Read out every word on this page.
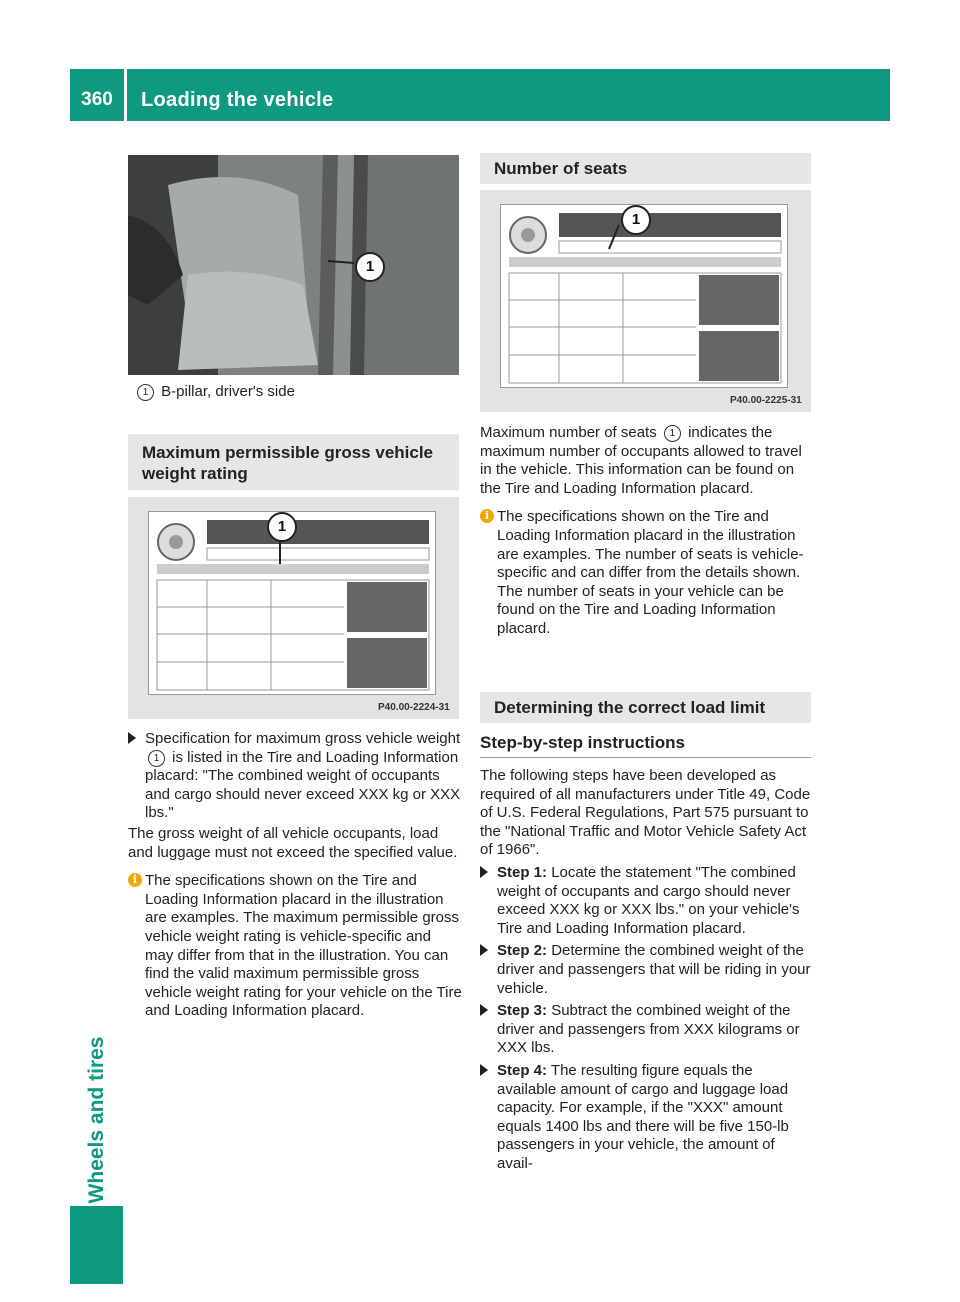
360	Loading the vehicle
Wheels and tires
1
1 B-pillar, driver's side
Maximum permissible gross vehicle weight rating
1
P40.00-2224-31
Specification for maximum gross vehicle weight 1 is listed in the Tire and Loading Information placard: "The combined weight of occupants and cargo should never exceed XXX kg or XXX lbs."

The gross weight of all vehicle occupants, load and luggage must not exceed the specified value.

i The specifications shown on the Tire and Loading Information placard in the illustration are examples. The maximum permissible gross vehicle weight rating is vehicle-specific and may differ from that in the illustration. You can find the valid maximum permissible gross vehicle weight rating for your vehicle on the Tire and Loading Information placard.
Number of seats
1
P40.00-2225-31

Maximum number of seats 1 indicates the maximum number of occupants allowed to travel in the vehicle. This information can be found on the Tire and Loading Information placard.

i The specifications shown on the Tire and Loading Information placard in the illustration are examples. The number of seats is vehicle-specific and can differ from the details shown. The number of seats in your vehicle can be found on the Tire and Loading Information placard.
Determining the correct load limit
Step-by-step instructions

The following steps have been developed as required of all manufacturers under Title 49, Code of U.S. Federal Regulations, Part 575 pursuant to the "National Traffic and Motor Vehicle Safety Act of 1966".

Step 1: Locate the statement "The combined weight of occupants and cargo should never exceed XXX kg or XXX lbs." on your vehicle's Tire and Loading Information placard.
Step 2: Determine the combined weight of the driver and passengers that will be riding in your vehicle.
Step 3: Subtract the combined weight of the driver and passengers from XXX kilograms or XXX lbs.
Step 4: The resulting figure equals the available amount of cargo and luggage load capacity. For example, if the "XXX" amount equals 1400 lbs and there will be five 150-lb passengers in your vehicle, the amount of avail-
